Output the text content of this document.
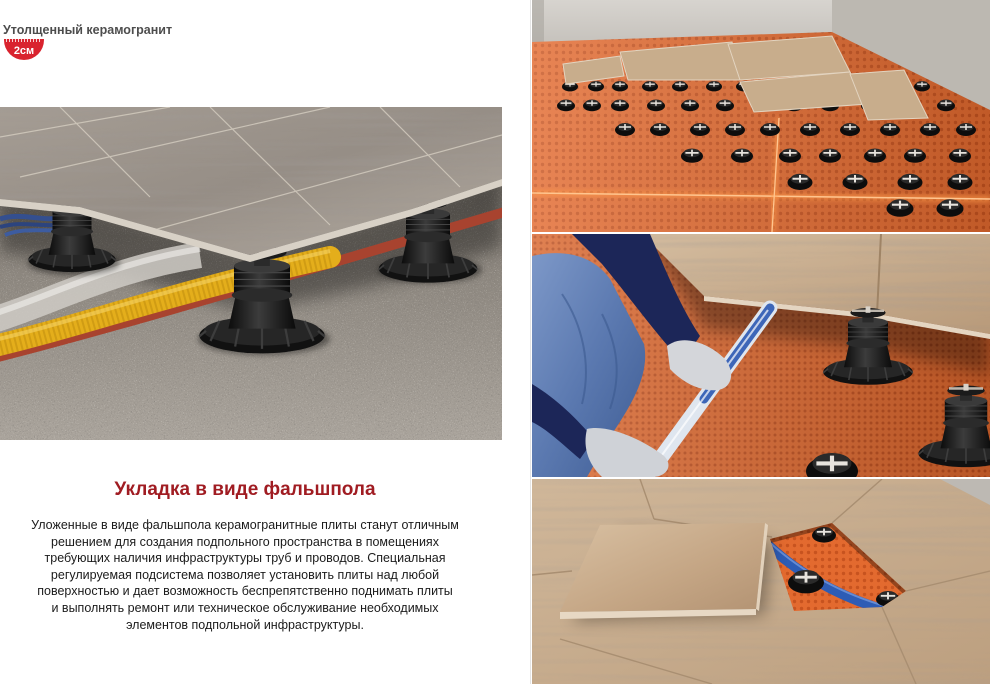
Утолщенный керамогранит
2см
Укладка в виде фальшпола
Уложенные в виде фальшпола керамогранитные плиты станут отличным
решением для создания подпольного пространства в помещениях
требующих наличия инфраструктуры труб и проводов. Специальная
регулируемая подсистема позволяет установить плиты над любой
поверхностью и дает возможность беспрепятственно поднимать плиты
и выполнять ремонт или техническое обслуживание необходимых
элементов подпольной инфраструктуры.
